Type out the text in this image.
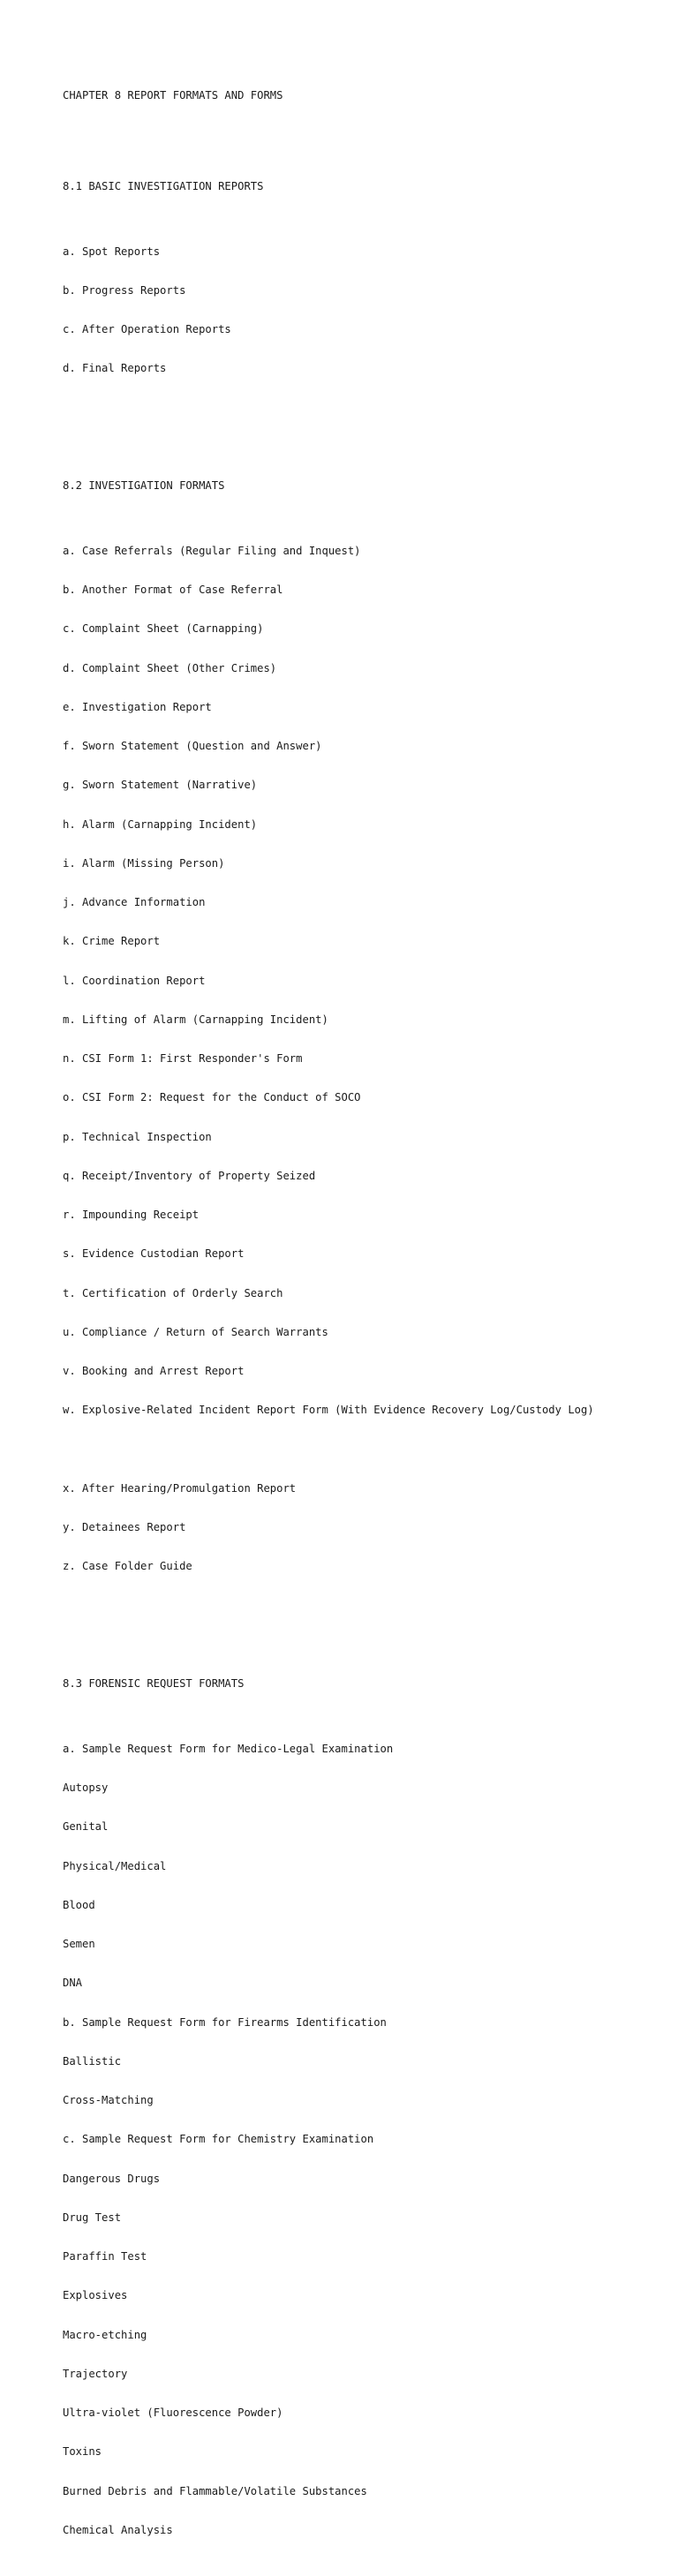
CHAPTER 8 REPORT FORMATS AND FORMS

8.1 BASIC INVESTIGATION REPORTS

a. Spot Reports

b. Progress Reports

c. After Operation Reports

d. Final Reports

8.2 INVESTIGATION FORMATS

a. Case Referrals (Regular Filing and Inquest)

b. Another Format of Case Referral

c. Complaint Sheet (Carnapping)

d. Complaint Sheet (Other Crimes)

e. Investigation Report

f. Sworn Statement (Question and Answer)

g. Sworn Statement (Narrative)

h. Alarm (Carnapping Incident)

i. Alarm (Missing Person)

j. Advance Information

k. Crime Report

l. Coordination Report

m. Lifting of Alarm (Carnapping Incident)

n. CSI Form 1: First Responder's Form

o. CSI Form 2: Request for the Conduct of SOCO

p. Technical Inspection

q. Receipt/Inventory of Property Seized

r. Impounding Receipt

s. Evidence Custodian Report

t. Certification of Orderly Search

u. Compliance / Return of Search Warrants

v. Booking and Arrest Report

w. Explosive-Related Incident Report Form (With Evidence Recovery Log/Custody Log)

x. After Hearing/Promulgation Report

y. Detainees Report

z. Case Folder Guide

8.3 FORENSIC REQUEST FORMATS

a. Sample Request Form for Medico-Legal Examination

Autopsy

Genital

Physical/Medical

Blood

Semen

DNA

b. Sample Request Form for Firearms Identification

Ballistic

Cross-Matching

c. Sample Request Form for Chemistry Examination

Dangerous Drugs

Drug Test

Paraffin Test

Explosives

Macro-etching

Trajectory

Ultra-violet (Fluorescence Powder)

Toxins

Burned Debris and Flammable/Volatile Substances

Chemical Analysis
